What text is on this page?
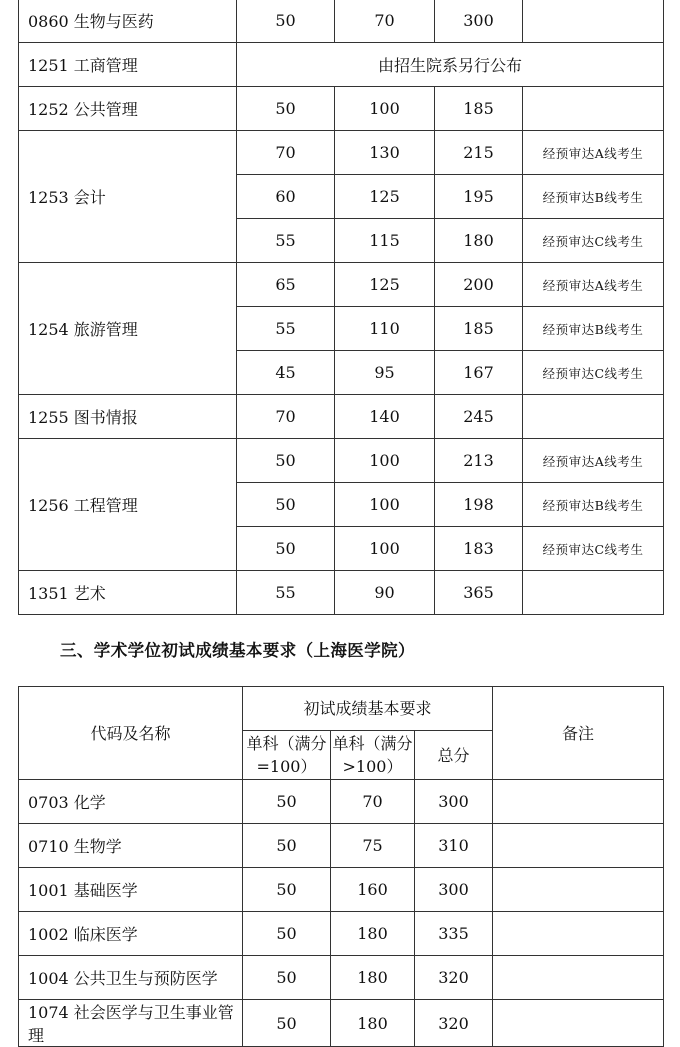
0860 生物与医药	50	70	300	
1251 工商管理	由招生院系另行公布			
1252 公共管理	50	100	185	
1253 会计	70	130	215	经预审达A线考生
	60	125	195	经预审达B线考生
	55	115	180	经预审达C线考生
1254 旅游管理	65	125	200	经预审达A线考生
	55	110	185	经预审达B线考生
	45	95	167	经预审达C线考生
1255 图书情报	70	140	245	
1256 工程管理	50	100	213	经预审达A线考生
	50	100	198	经预审达B线考生
	50	100	183	经预审达C线考生
1351 艺术	55	90	365	
三、学术学位初试成绩基本要求（上海医学院）
代码及名称	初试成绩基本要求			备注
	单科（满分=100）	单科（满分>100）	总分	
0703 化学	50	70	300	
0710 生物学	50	75	310	
1001 基础医学	50	160	300	
1002 临床医学	50	180	335	
1004 公共卫生与预防医学	50	180	320	
1074 社会医学与卫生事业管理	50	180	320	
